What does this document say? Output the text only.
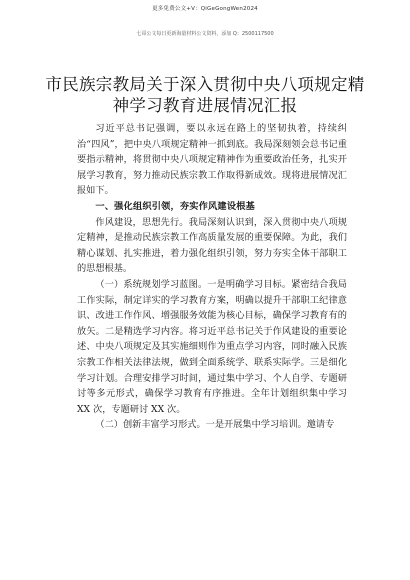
更多免费公文+V：QiGeGongWen2024
七哥公文每日更新海量材料公文资料，添加 Q：2500117500
市民族宗教局关于深入贯彻中央八项规定精神学习教育进展情况汇报

习近平总书记强调，要以永远在路上的坚韧执着，持续纠治“四风”，把中央八项规定精神一抓到底。我局深刻领会总书记重要指示精神，将贯彻中央八项规定精神作为重要政治任务，扎实开展学习教育，努力推动民族宗教工作取得新成效。现将进展情况汇报如下。

一、强化组织引领，夯实作风建设根基

作风建设，思想先行。我局深刻认识到，深入贯彻中央八项规定精神，是推动民族宗教工作高质量发展的重要保障。为此，我们精心谋划、扎实推进，着力强化组织引领，努力夯实全体干部职工的思想根基。

（一）系统规划学习蓝图。一是明确学习目标。紧密结合我局工作实际，制定详实的学习教育方案，明确以提升干部职工纪律意识、改进工作作风、增强服务效能为核心目标，确保学习教育有的放矢。二是精选学习内容。将习近平总书记关于作风建设的重要论述、中央八项规定及其实施细则作为重点学习内容，同时融入民族宗教工作相关法律法规，做到全面系统学、联系实际学。三是细化学习计划。合理安排学习时间，通过集中学习、个人自学、专题研讨等多元形式，确保学习教育有序推进。全年计划组织集中学习 XX 次，专题研讨 XX 次。

（二）创新丰富学习形式。一是开展集中学习培训。邀请专
